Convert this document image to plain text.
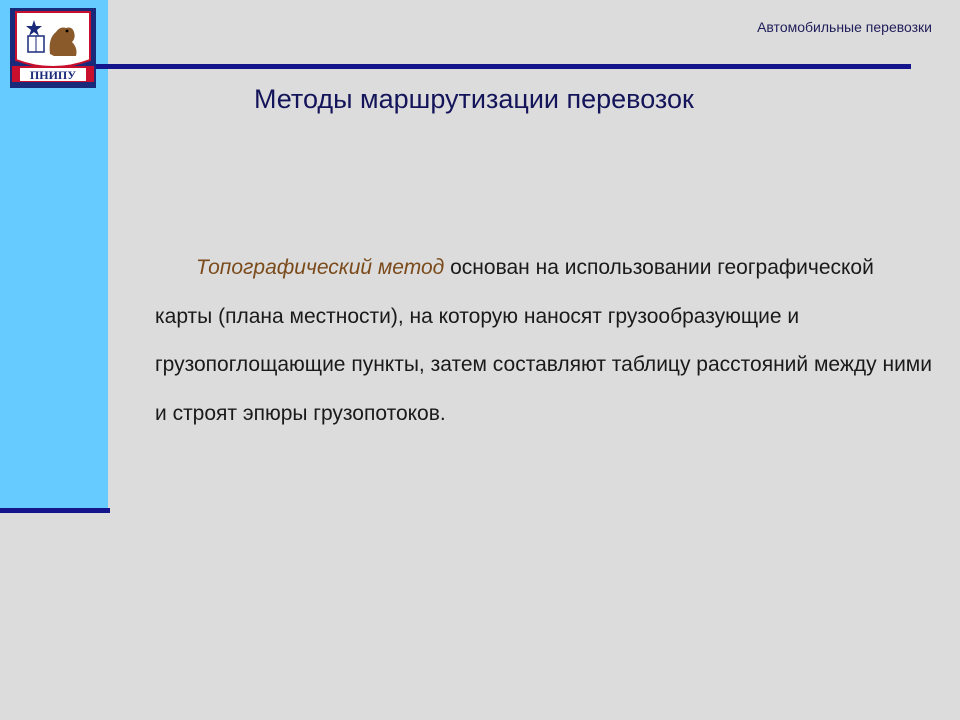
ПНИПУ
Автомобильные перевозки
Методы маршрутизации перевозок
Топографический метод основан на использовании географической карты (плана местности), на которую наносят грузообразующие и грузопоглощающие пункты, затем составляют таблицу расстояний между ними и строят эпюры грузопотоков.
